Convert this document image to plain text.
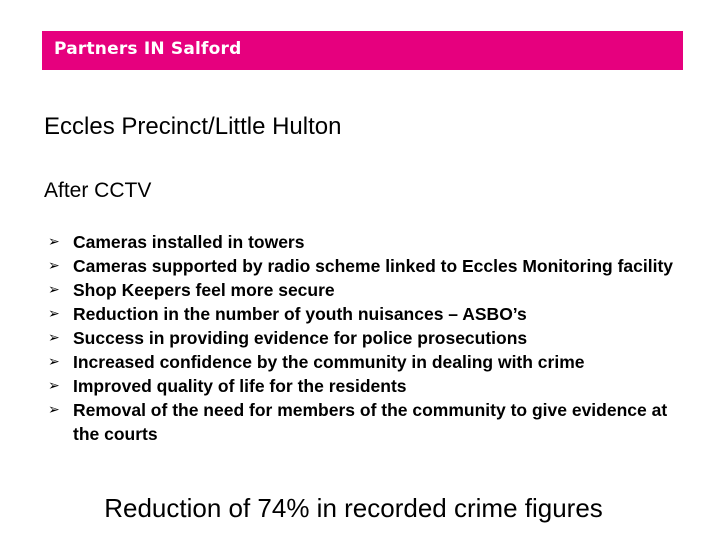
Partners IN Salford
Eccles Precinct/Little Hulton
After CCTV
➢ Cameras installed in towers
➢ Cameras supported by radio scheme linked to Eccles Monitoring facility
➢ Shop Keepers feel more secure
➢ Reduction in the number of youth nuisances – ASBO’s
➢ Success in providing evidence for police prosecutions
➢ Increased confidence by the community in dealing with crime
➢ Improved quality of life for the residents
➢ Removal of the need for members of the community to give evidence at the courts
Reduction of 74% in recorded crime figures
